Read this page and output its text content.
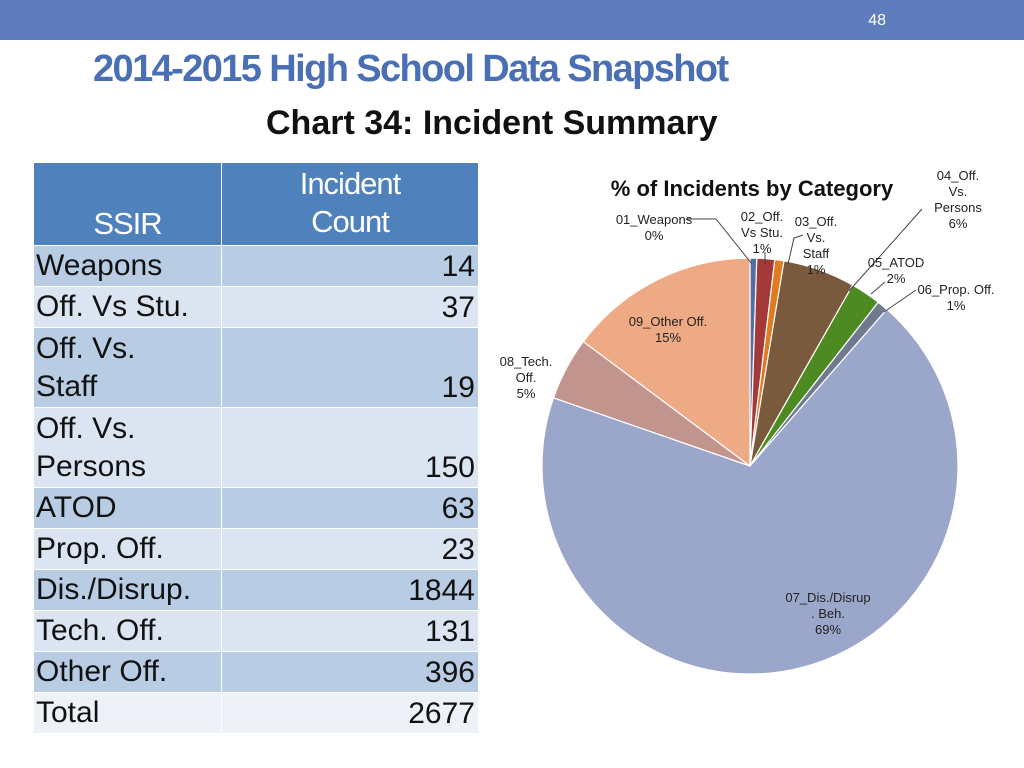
48
2014-2015 High School Data Snapshot
Chart 34: Incident Summary
SSIR	Incident
Count

Weapons	14
Off. Vs Stu.	37

Off. Vs.
Staff	19

Off. Vs.
Persons	150
ATOD	63
Prop. Off.	23
Dis./Disrup.	1844
Tech. Off.	131
Other Off.	396
Total	2677
% of Incidents by Category
01_Weapons 0%
02_Off. Vs Stu. 1%
03_Off. Vs. Staff 1%
04_Off. Vs. Persons 6%
05_ATOD 2%
06_Prop. Off. 1%
07_Dis./Disrup . Beh. 69%
08_Tech. Off. 5%
09_Other Off. 15%
